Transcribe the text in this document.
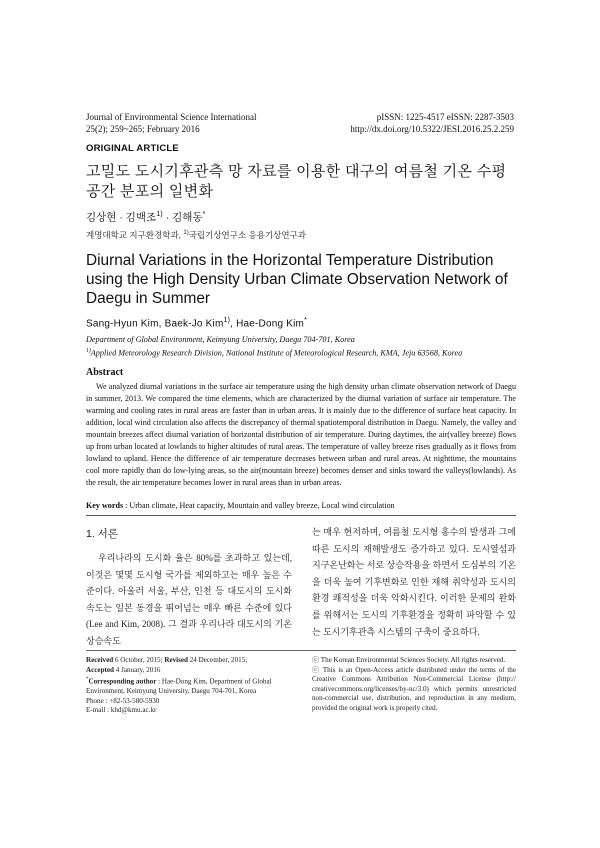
Journal of Environmental Science International
25(2); 259~265; February 2016
pISSN: 1225-4517 eISSN: 2287-3503
http://dx.doi.org/10.5322/JESI.2016.25.2.259
ORIGINAL ARTICLE
고밀도 도시기후관측 망 자료를 이용한 대구의 여름철 기온 수평
공간 분포의 일변화
김상현 · 김백조$^{1)}$ · 김해동*
계명대학교 지구환경학과, $^{1)}$국립기상연구소 응용기상연구과
Diurnal Variations in the Horizontal Temperature Distribution using the High Density Urban Climate Observation Network of Daegu in Summer
Sang-Hyun Kim, Baek-Jo Kim$^{1)}$, Hae-Dong Kim*
Department of Global Environment, Keimyung University, Daegu 704-701, Korea
$^{1)}$Applied Meteorology Research Division, National Institute of Meteorological Research, KMA, Jeju 63568, Korea
Abstract
We analyzed diurnal variations in the surface air temperature using the high density urban climate observation network of Daegu in summer, 2013. We compared the time elements, which are characterized by the diurnal variation of surface air temperature. The warming and cooling rates in rural areas are faster than in urban areas. It is mainly due to the difference of surface heat capacity. In addition, local wind circulation also affects the discrepancy of thermal spatiotemporal distribution in Daegu. Namely, the valley and mountain breezes affect diurnal variation of horizontal distribution of air temperature. During daytimes, the air(valley breeze) flows up from urban located at lowlands to higher altitudes of rural areas. The temperature of valley breeze rises gradually as it flows from lowland to upland. Hence the difference of air temperature decreases between urban and rural areas. At nighttime, the mountains cool more rapidly than do low-lying areas, so the air(mountain breeze) becomes denser and sinks toward the valleys(lowlands). As the result, the air temperature becomes lower in rural areas than in urban areas.
Key words : Urban climate, Heat capacity, Mountain and valley breeze, Local wind circulation
1. 서론
우리나라의 도시화 율은 80%를 초과하고 있는데, 이것은 몇몇 도시형 국가를 제외하고는 매우 높은 수준이다. 아울러 서울, 부산, 인천 등 대도시의 도시화 속도는 일본 동경을 뛰어넘는 매우 빠른 수준에 있다(Lee and Kim, 2008). 그 결과 우리나라 대도시의 기온상승속도
는 매우 현저하며, 여름철 도시형 홍수의 발생과 그에 따른 도시의 재해발생도 증가하고 있다. 도시열섬과 지구온난화는 서로 상승작용을 하면서 도심부의 기온을 더욱 높여 기후변화로 인한 재해 취약성과 도시의 환경 쾌적성을 더욱 악화시킨다. 이러한 문제의 완화를 위해서는 도시의 기후환경을 정확히 파악할 수 있는 도시기후관측 시스템의 구축이 중요하다.
Received 6 October, 2015; Revised 24 December, 2015;
Accepted 4 January, 2016
*Corresponding author : Hae-Dong Kim, Department of Global Environment, Keimyung University, Daegu 704-701, Korea
Phone : +82-53-580-5930
E-mail : khd@kmu.ac.kr
ⓒ The Korean Environmental Sciences Society. All rights reserved.
ⓒ This is an Open-Access article distributed under the terms of the Creative Commons Attribution Non-Commercial License (http:// creativecommons.org/licenses/by-nc/3.0) which permits unrestricted non-commercial use, distribution, and reproduction in any medium, provided the original work is properly cited.
